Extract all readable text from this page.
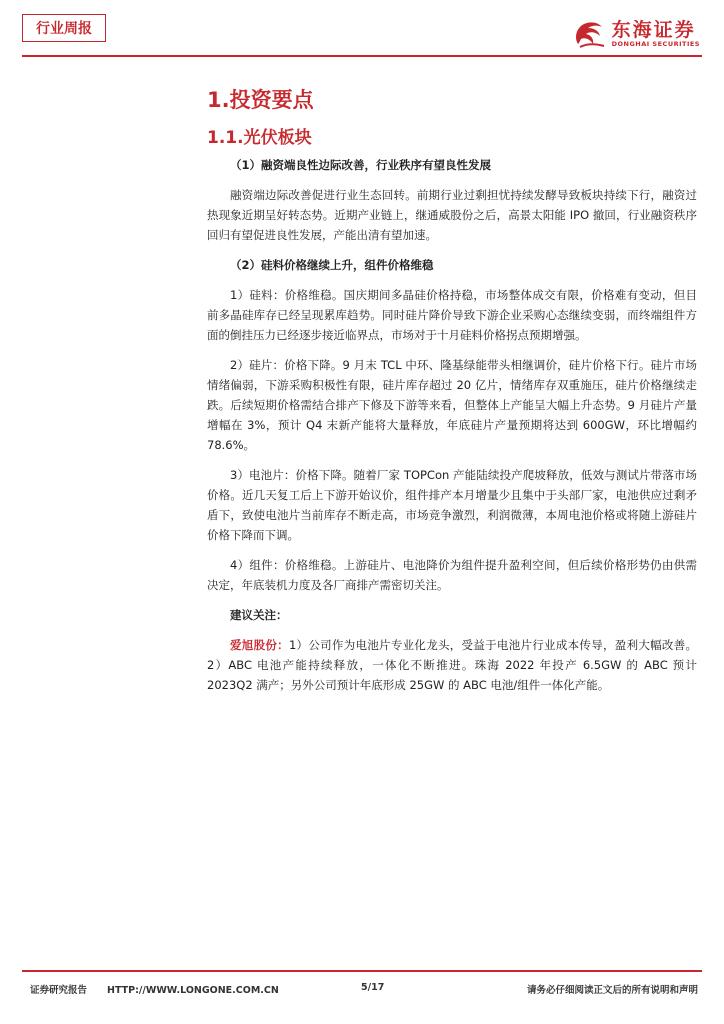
行业周报	东海证券
DONGHAI SECURITIES
1.投资要点
1.1.光伏板块

（1）融资端良性边际改善，行业秩序有望良性发展

融资端边际改善促进行业生态回转。前期行业过剩担忧持续发酵导致板块持续下行，融资过热现象近期呈好转态势。近期产业链上，继通威股份之后，高景太阳能 IPO 撤回，行业融资秩序回归有望促进良性发展，产能出清有望加速。

（2）硅料价格继续上升，组件价格维稳

1）硅料：价格维稳。国庆期间多晶硅价格持稳，市场整体成交有限，价格难有变动，但目前多晶硅库存已经呈现累库趋势。同时硅片降价导致下游企业采购心态继续变弱，而终端组件方面的倒挂压力已经逐步接近临界点，市场对于十月硅料价格拐点预期增强。

2）硅片：价格下降。9 月末 TCL 中环、隆基绿能带头相继调价，硅片价格下行。硅片市场情绪偏弱，下游采购积极性有限，硅片库存超过 20 亿片，情绪库存双重施压，硅片价格继续走跌。后续短期价格需结合排产下修及下游等来看，但整体上产能呈大幅上升态势。9 月硅片产量增幅在 3%，预计 Q4 末新产能将大量释放，年底硅片产量预期将达到 600GW，环比增幅约 78.6%。

3）电池片：价格下降。随着厂家 TOPCon 产能陆续投产爬坡释放，低效与测试片带落市场价格。近几天复工后上下游开始议价，组件排产本月增量少且集中于头部厂家，电池供应过剩矛盾下，致使电池片当前库存不断走高，市场竞争激烈，利润微薄，本周电池价格或将随上游硅片价格下降而下调。

4）组件：价格维稳。上游硅片、电池降价为组件提升盈利空间，但后续价格形势仍由供需决定，年底装机力度及各厂商排产需密切关注。

建议关注：

爱旭股份：1）公司作为电池片专业化龙头，受益于电池片行业成本传导，盈利大幅改善。2）ABC 电池产能持续释放，一体化不断推进。珠海 2022 年投产 6.5GW 的 ABC 预计 2023Q2 满产；另外公司预计年底形成 25GW 的 ABC 电池/组件一体化产能。

证券研究报告 HTTP://WWW.LONGONE.COM.CN	5/17	请务必仔细阅读正文后的所有说明和声明
